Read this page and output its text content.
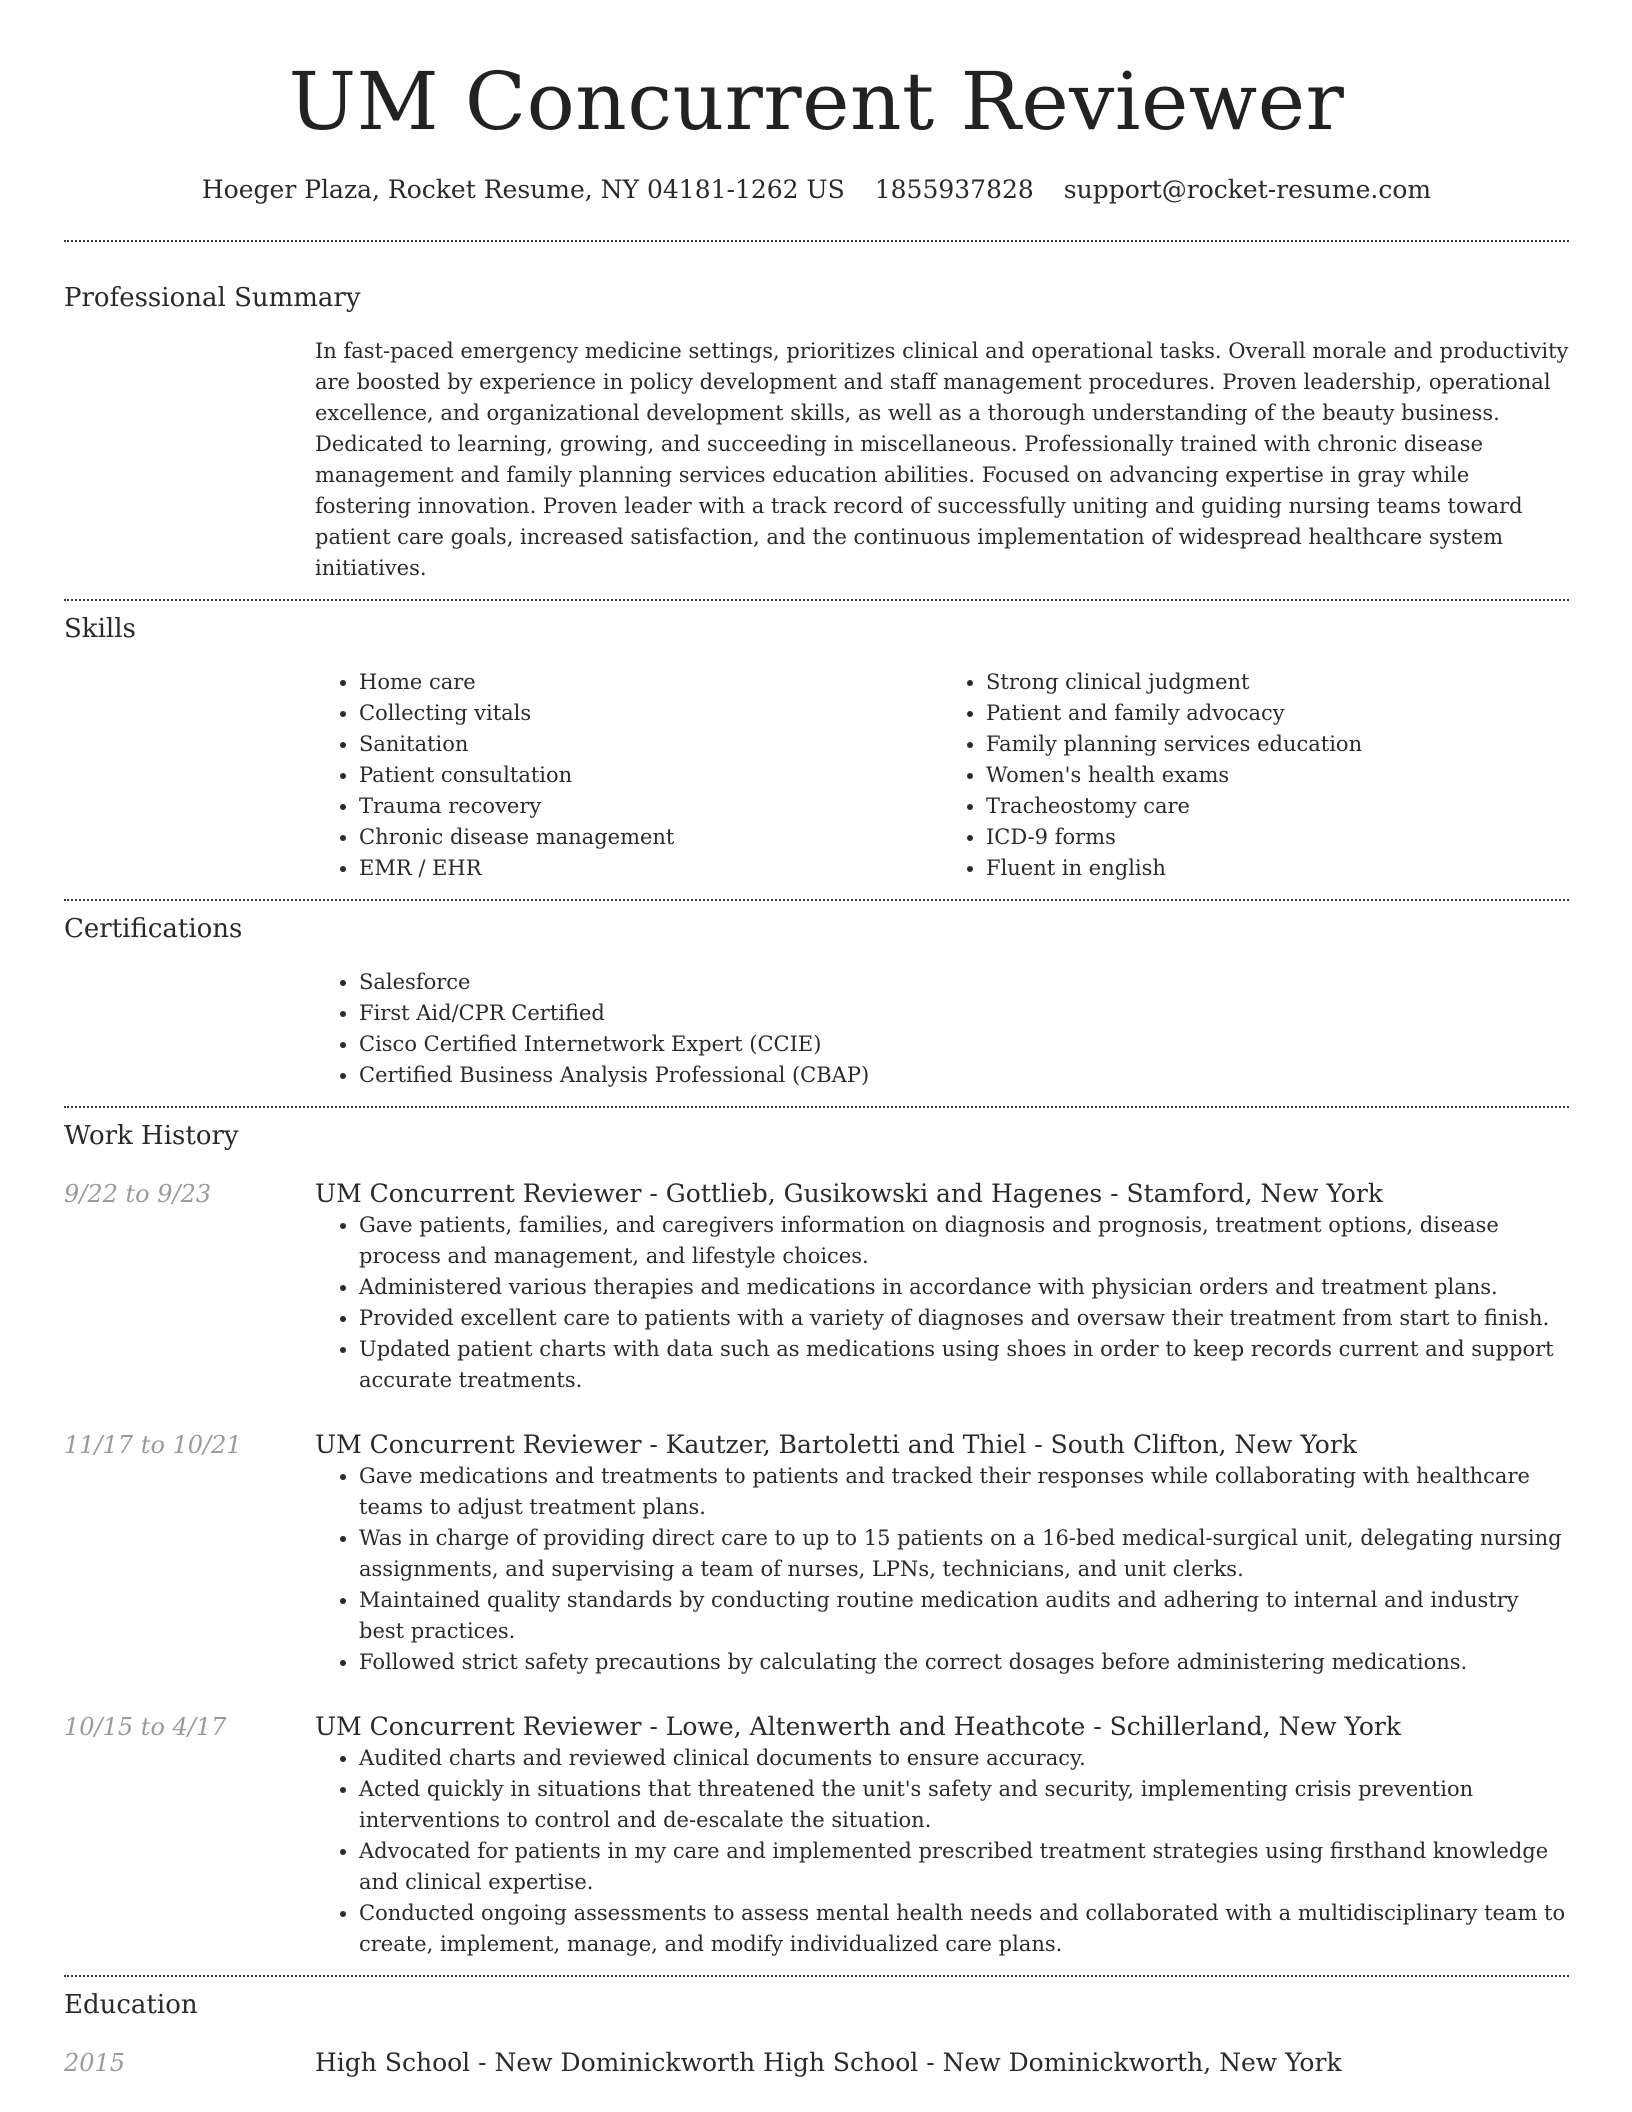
UM Concurrent Reviewer
Hoeger Plaza, Rocket Resume, NY 04181-1262 US 1855937828 support@rocket-resume.com
Professional Summary

In fast-paced emergency medicine settings, prioritizes clinical and operational tasks. Overall morale and productivity are boosted by experience in policy development and staff management procedures. Proven leadership, operational excellence, and organizational development skills, as well as a thorough understanding of the beauty business. Dedicated to learning, growing, and succeeding in miscellaneous. Professionally trained with chronic disease management and family planning services education abilities. Focused on advancing expertise in gray while fostering innovation. Proven leader with a track record of successfully uniting and guiding nursing teams toward patient care goals, increased satisfaction, and the continuous implementation of widespread healthcare system initiatives.

Skills
• Home care
• Collecting vitals
• Sanitation
• Patient consultation
• Trauma recovery
• Chronic disease management
• EMR / EHR
• Strong clinical judgment
• Patient and family advocacy
• Family planning services education
• Women's health exams
• Tracheostomy care
• ICD-9 forms
• Fluent in english
Certifications
• Salesforce
• First Aid/CPR Certified
• Cisco Certified Internetwork Expert (CCIE)
• Certified Business Analysis Professional (CBAP)
Work History
9/22 to 9/23	UM Concurrent Reviewer - Gottlieb, Gusikowski and Hagenes - Stamford, New York
• Gave patients, families, and caregivers information on diagnosis and prognosis, treatment options, disease process and management, and lifestyle choices.
• Administered various therapies and medications in accordance with physician orders and treatment plans.
• Provided excellent care to patients with a variety of diagnoses and oversaw their treatment from start to finish.
• Updated patient charts with data such as medications using shoes in order to keep records current and support accurate treatments.
11/17 to 10/21	UM Concurrent Reviewer - Kautzer, Bartoletti and Thiel - South Clifton, New York
• Gave medications and treatments to patients and tracked their responses while collaborating with healthcare teams to adjust treatment plans.
• Was in charge of providing direct care to up to 15 patients on a 16-bed medical-surgical unit, delegating nursing assignments, and supervising a team of nurses, LPNs, technicians, and unit clerks.
• Maintained quality standards by conducting routine medication audits and adhering to internal and industry best practices.
• Followed strict safety precautions by calculating the correct dosages before administering medications.
10/15 to 4/17	UM Concurrent Reviewer - Lowe, Altenwerth and Heathcote - Schillerland, New York
• Audited charts and reviewed clinical documents to ensure accuracy.
• Acted quickly in situations that threatened the unit's safety and security, implementing crisis prevention interventions to control and de-escalate the situation.
• Advocated for patients in my care and implemented prescribed treatment strategies using firsthand knowledge and clinical expertise.
• Conducted ongoing assessments to assess mental health needs and collaborated with a multidisciplinary team to create, implement, manage, and modify individualized care plans.
Education
2015	High School - New Dominickworth High School - New Dominickworth, New York
